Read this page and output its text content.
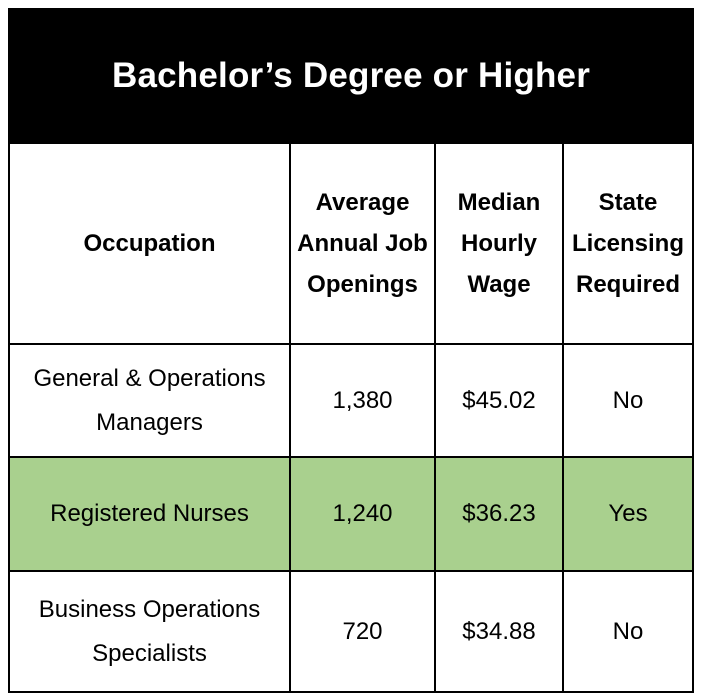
Bachelor’s Degree or Higher
Occupation	Average Annual Job Openings	Median Hourly Wage	State Licensing Required
General & Operations Managers	1,380	$45.02	No
Registered Nurses	1,240	$36.23	Yes
Business Operations Specialists	720	$34.88	No
